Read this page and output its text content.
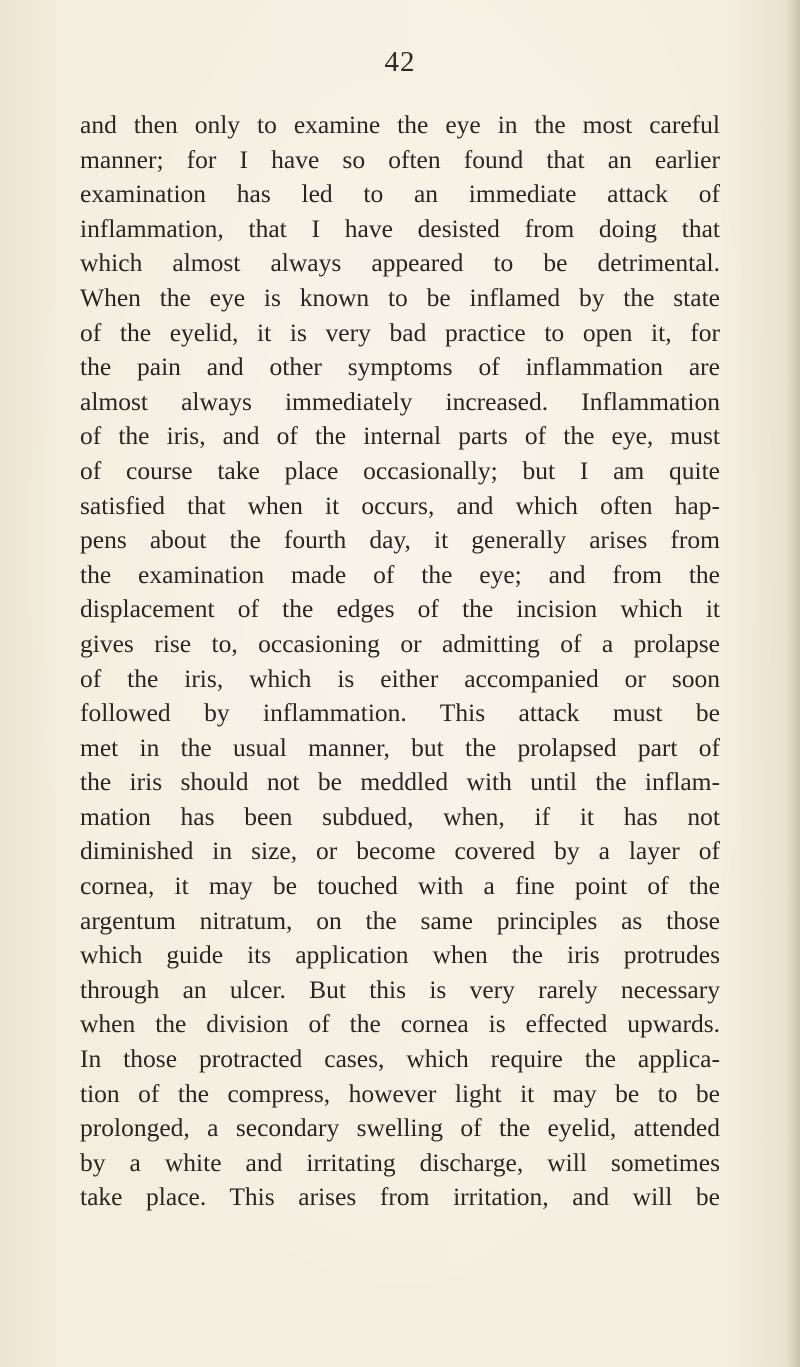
42
and then only to examine the eye in the most careful
manner; for I have so often found that an earlier
examination has led to an immediate attack of
inflammation, that I have desisted from doing that
which almost always appeared to be detrimental.
When the eye is known to be inflamed by the state
of the eyelid, it is very bad practice to open it, for
the pain and other symptoms of inflammation are
almost always immediately increased. Inflammation
of the iris, and of the internal parts of the eye, must
of course take place occasionally; but I am quite
satisfied that when it occurs, and which often hap-
pens about the fourth day, it generally arises from
the examination made of the eye; and from the
displacement of the edges of the incision which it
gives rise to, occasioning or admitting of a prolapse
of the iris, which is either accompanied or soon
followed by inflammation. This attack must be
met in the usual manner, but the prolapsed part of
the iris should not be meddled with until the inflam-
mation has been subdued, when, if it has not
diminished in size, or become covered by a layer of
cornea, it may be touched with a fine point of the
argentum nitratum, on the same principles as those
which guide its application when the iris protrudes
through an ulcer. But this is very rarely necessary
when the division of the cornea is effected upwards.
In those protracted cases, which require the applica-
tion of the compress, however light it may be to be
prolonged, a secondary swelling of the eyelid, attended
by a white and irritating discharge, will sometimes
take place. This arises from irritation, and will be
